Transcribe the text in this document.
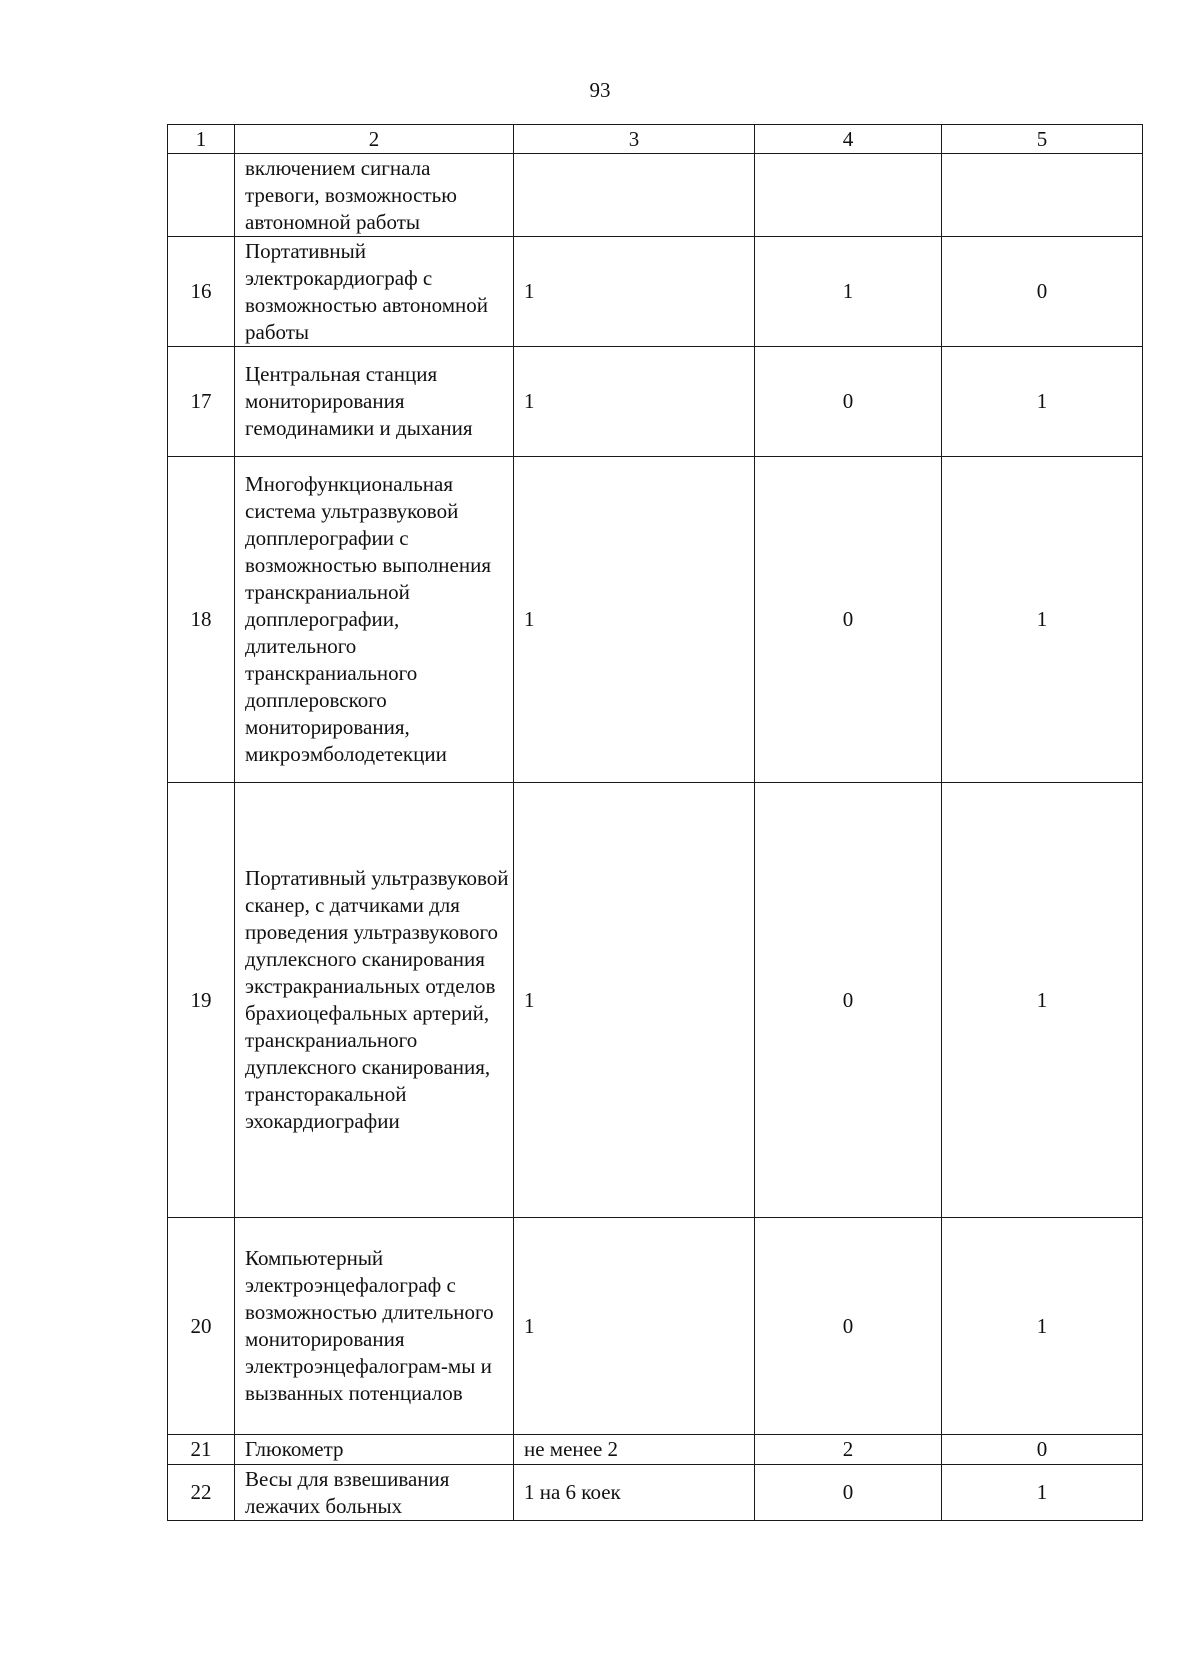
93
1	2	3	4	5
	включением сигнала тревоги, возможностью автономной работы			
16	Портативный электрокардиограф с возможностью автономной работы	1	1	0
17	Центральная станция мониторирования гемодинамики и дыхания	1	0	1
18	Многофункциональная система ультразвуковой допплерографии с возможностью выполнения транскраниальной допплерографии, длительного транскраниального допплеровского мониторирования, микроэмболодетекции	1	0	1
19	Портативный ультразвуковой сканер, с датчиками для проведения ультразвукового дуплексного сканирования экстракраниальных отделов брахиоцефальных артерий, транскраниального дуплексного сканирования, трансторакальной эхокардиографии	1	0	1
20	Компьютерный электроэнцефалограф с возможностью длительного мониторирования электроэнцефалограм-мы и вызванных потенциалов	1	0	1
21	Глюкометр	не менее 2	2	0
22	Весы для взвешивания лежачих больных	1 на 6 коек	0	1
